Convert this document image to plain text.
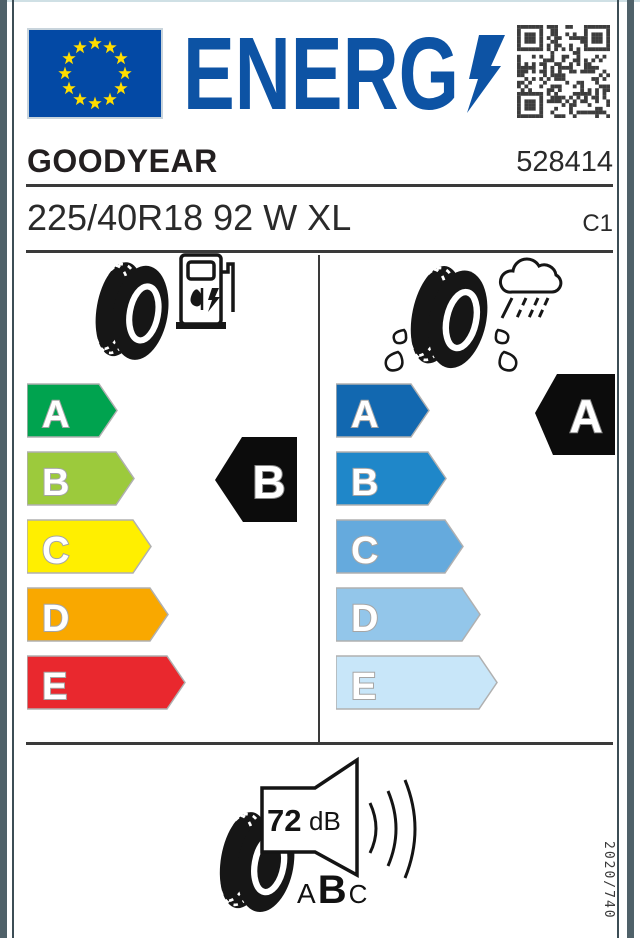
ENERG
GOODYEAR	528414
225/40R18 92 W XL	C1
A
B
C
D
E
A
B
C
D
E
B
A
72 dB
A B C	2020/740
